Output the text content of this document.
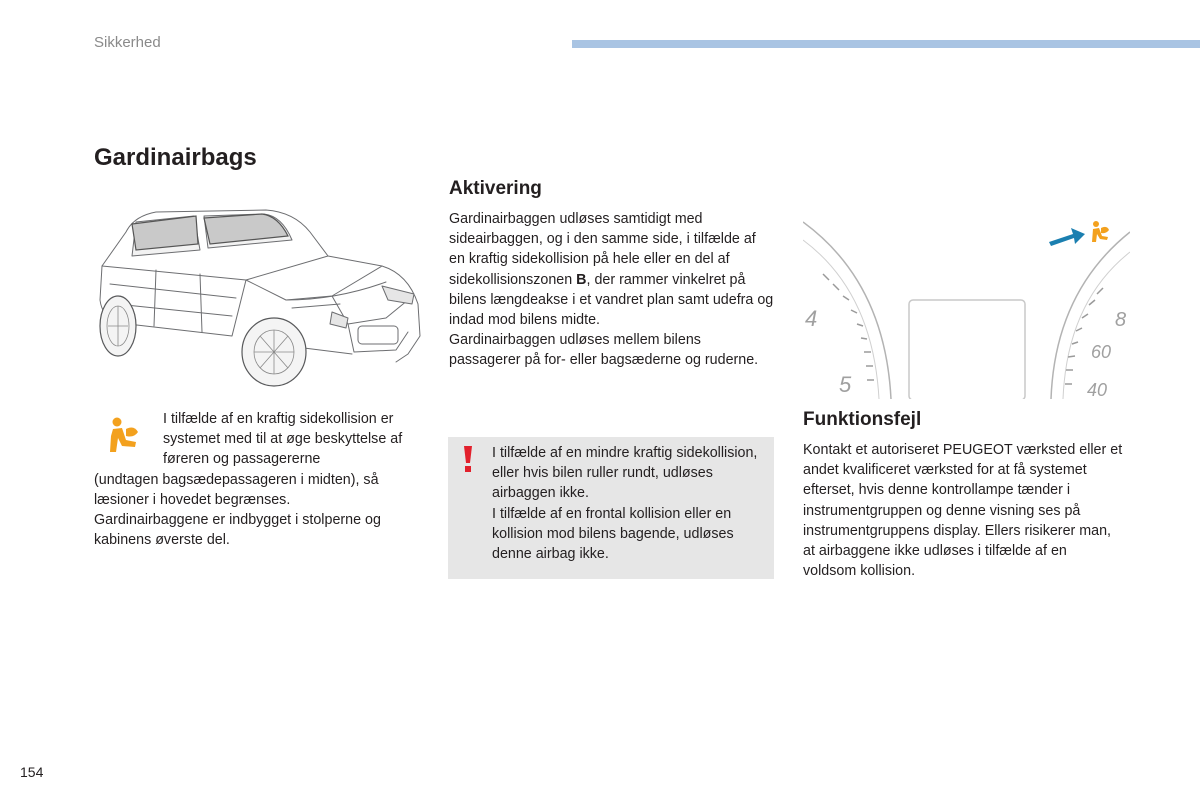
Sikkerhed
Gardinairbags
Aktivering

Gardinairbaggen udløses samtidigt med sideairbaggen, og i den samme side, i tilfælde af en kraftig sidekollision på hele eller en del af sidekollisionszonen B, der rammer vinkelret på bilens længdeakse i et vandret plan samt udefra og indad mod bilens midte.

Gardinairbaggen udløses mellem bilens passagerer på for- eller bagsæderne og ruderne.

I tilfælde af en kraftig sidekollision er systemet med til at øge beskyttelse af føreren og passagererne

(undtagen bagsædepassageren i midten), så læsioner i hovedet begrænses.

Gardinairbaggene er indbygget i stolperne og kabinens øverste del.

I tilfælde af en mindre kraftig sidekollision, eller hvis bilen ruller rundt, udløses airbaggen ikke.

I tilfælde af en frontal kollision eller en kollision mod bilens bagende, udløses denne airbag ikke.

4
5
8
60
40
Funktionsfejl
Kontakt et autoriseret PEUGEOT værksted eller et andet kvalificeret værksted for at få systemet efterset, hvis denne kontrollampe tænder i instrumentgruppen og denne visning ses på instrumentgruppens display. Ellers risikerer man, at airbaggene ikke udløses i tilfælde af en voldsom kollision.
154
